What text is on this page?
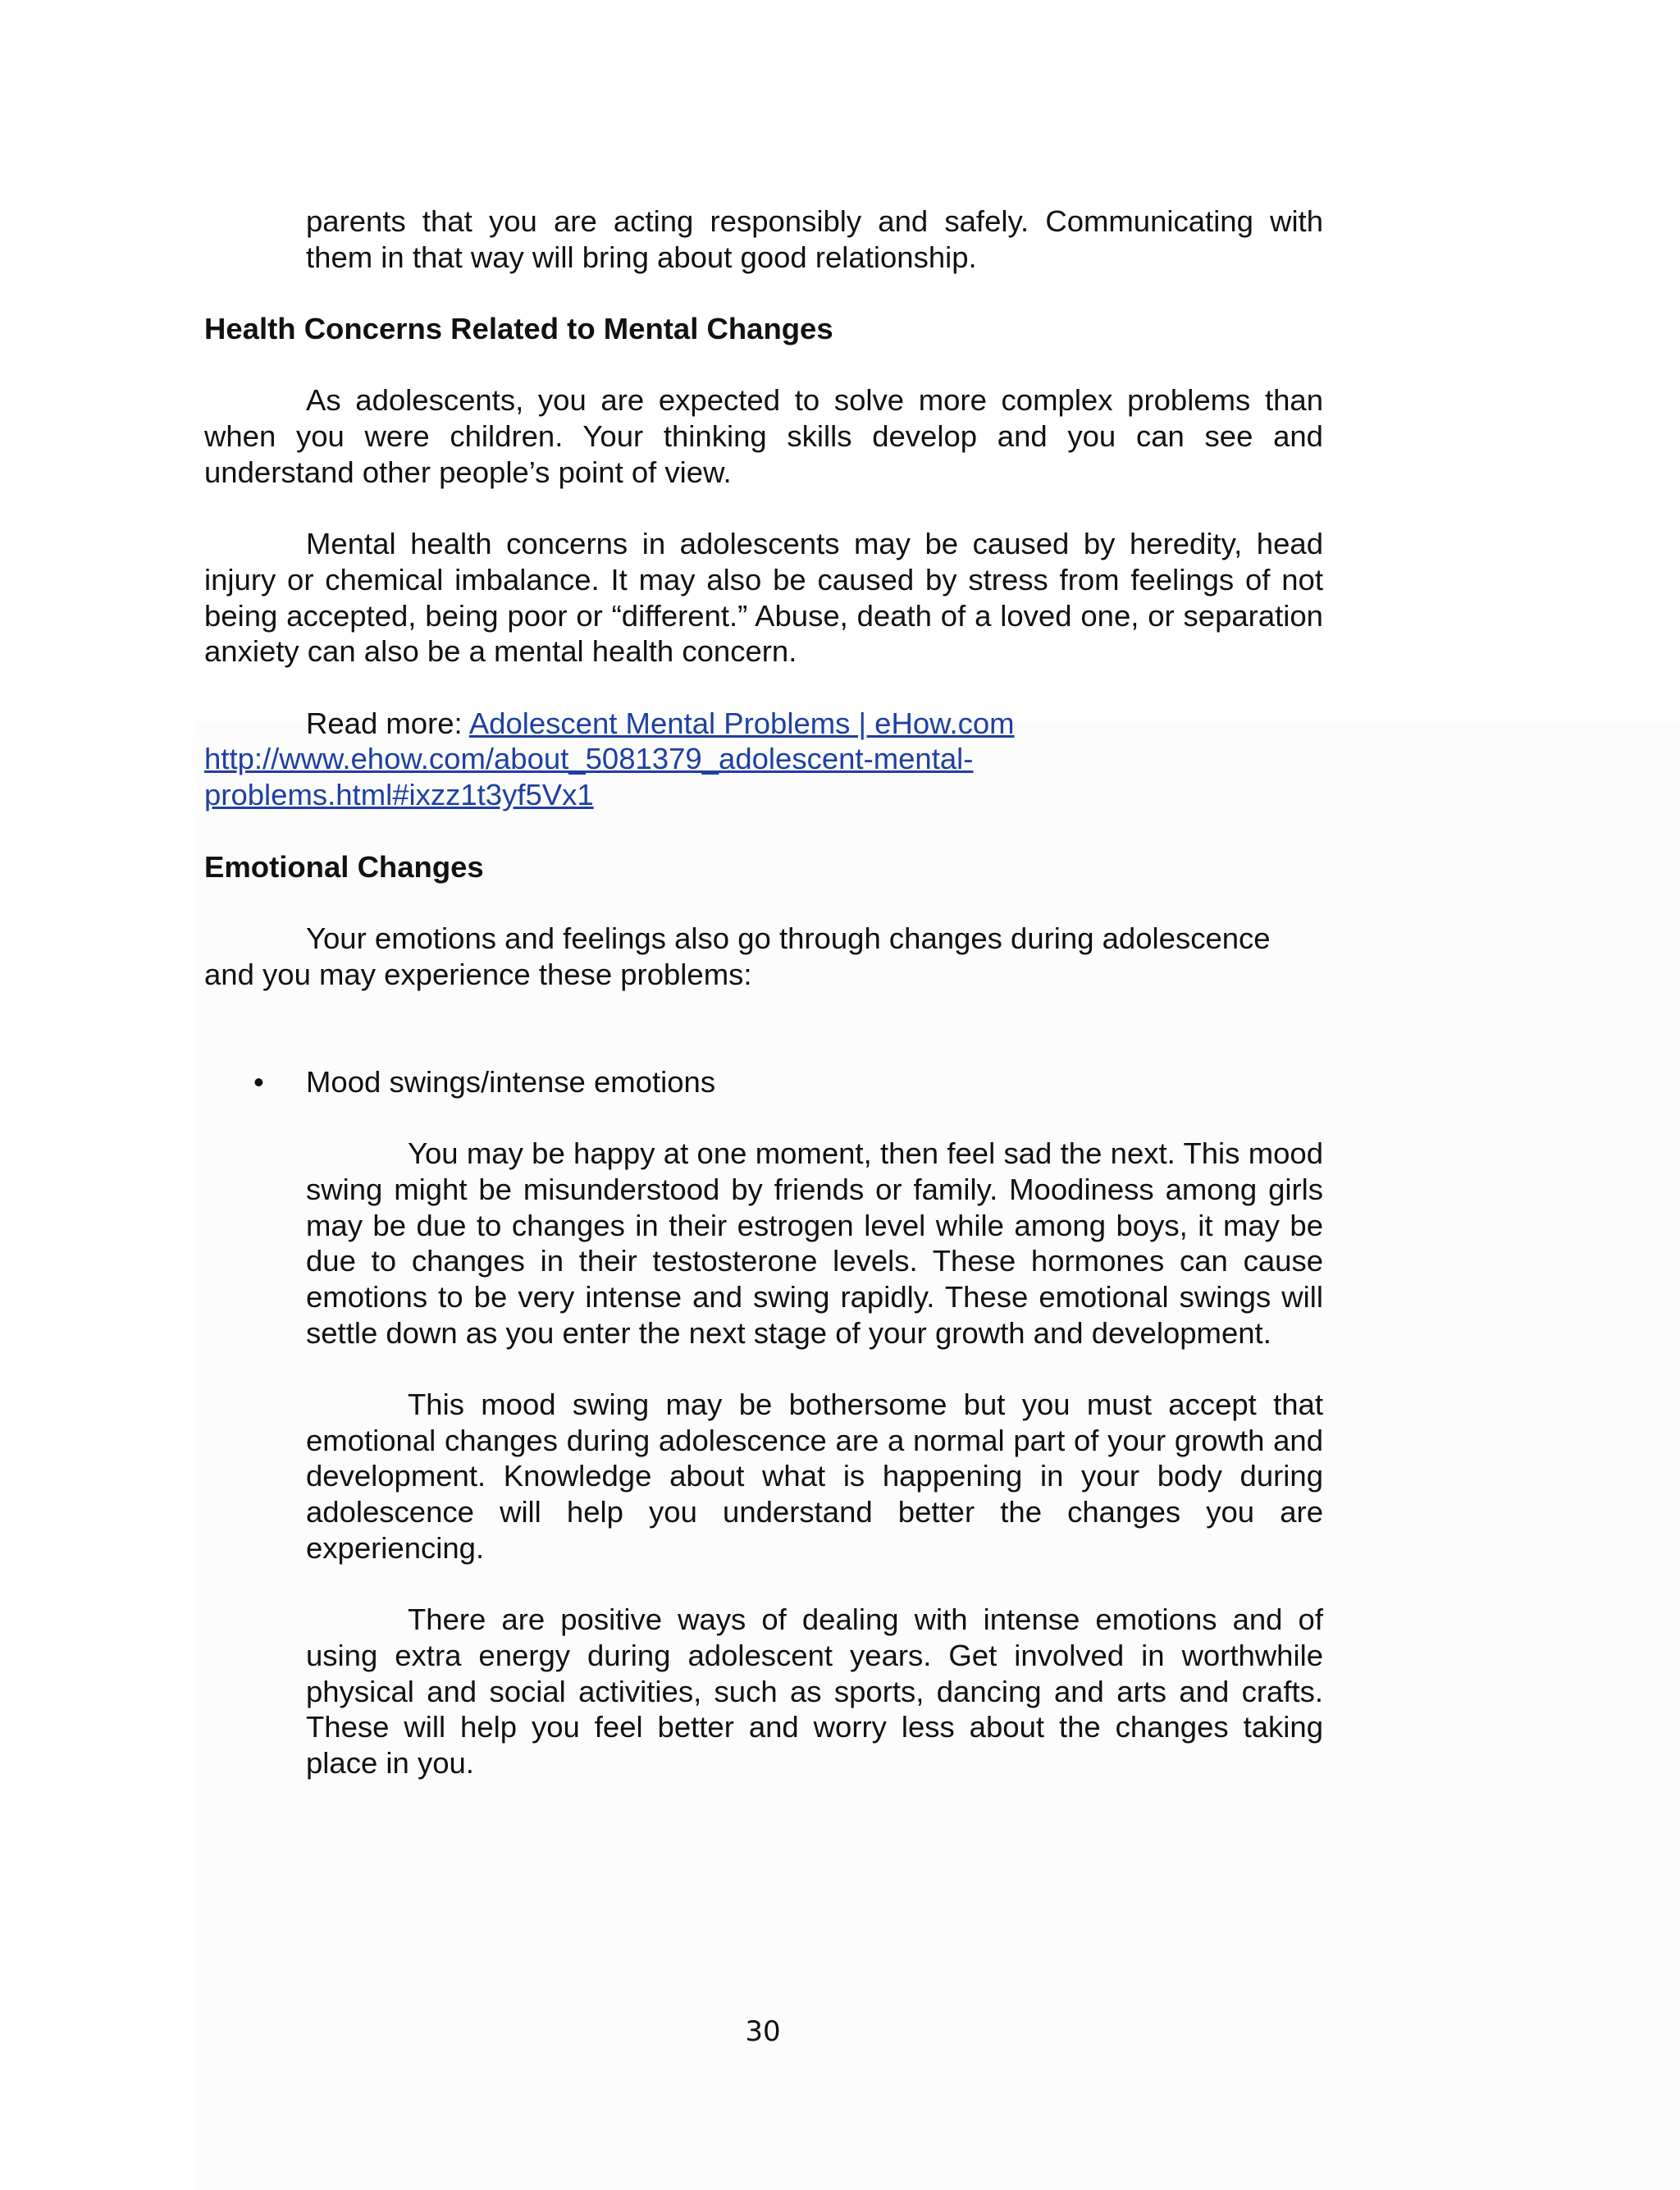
parents that you are acting responsibly and safely. Communicating with them in that way will bring about good relationship.

Health Concerns Related to Mental Changes

As adolescents, you are expected to solve more complex problems than when you were children. Your thinking skills develop and you can see and understand other people’s point of view.

Mental health concerns in adolescents may be caused by heredity, head injury or chemical imbalance. It may also be caused by stress from feelings of not being accepted, being poor or “different.” Abuse, death of a loved one, or separation anxiety can also be a mental health concern.

Read more: Adolescent Mental Problems | eHow.com
http://www.ehow.com/about_5081379_adolescent-mental-
problems.html#ixzz1t3yf5Vx1

Emotional Changes

Your emotions and feelings also go through changes during adolescence and you may experience these problems:

• Mood swings/intense emotions

You may be happy at one moment, then feel sad the next. This mood swing might be misunderstood by friends or family. Moodiness among girls may be due to changes in their estrogen level while among boys, it may be due to changes in their testosterone levels. These hormones can cause emotions to be very intense and swing rapidly. These emotional swings will settle down as you enter the next stage of your growth and development.

This mood swing may be bothersome but you must accept that emotional changes during adolescence are a normal part of your growth and development. Knowledge about what is happening in your body during adolescence will help you understand better the changes you are experiencing.

There are positive ways of dealing with intense emotions and of using extra energy during adolescent years. Get involved in worthwhile physical and social activities, such as sports, dancing and arts and crafts. These will help you feel better and worry less about the changes taking place in you.

30
